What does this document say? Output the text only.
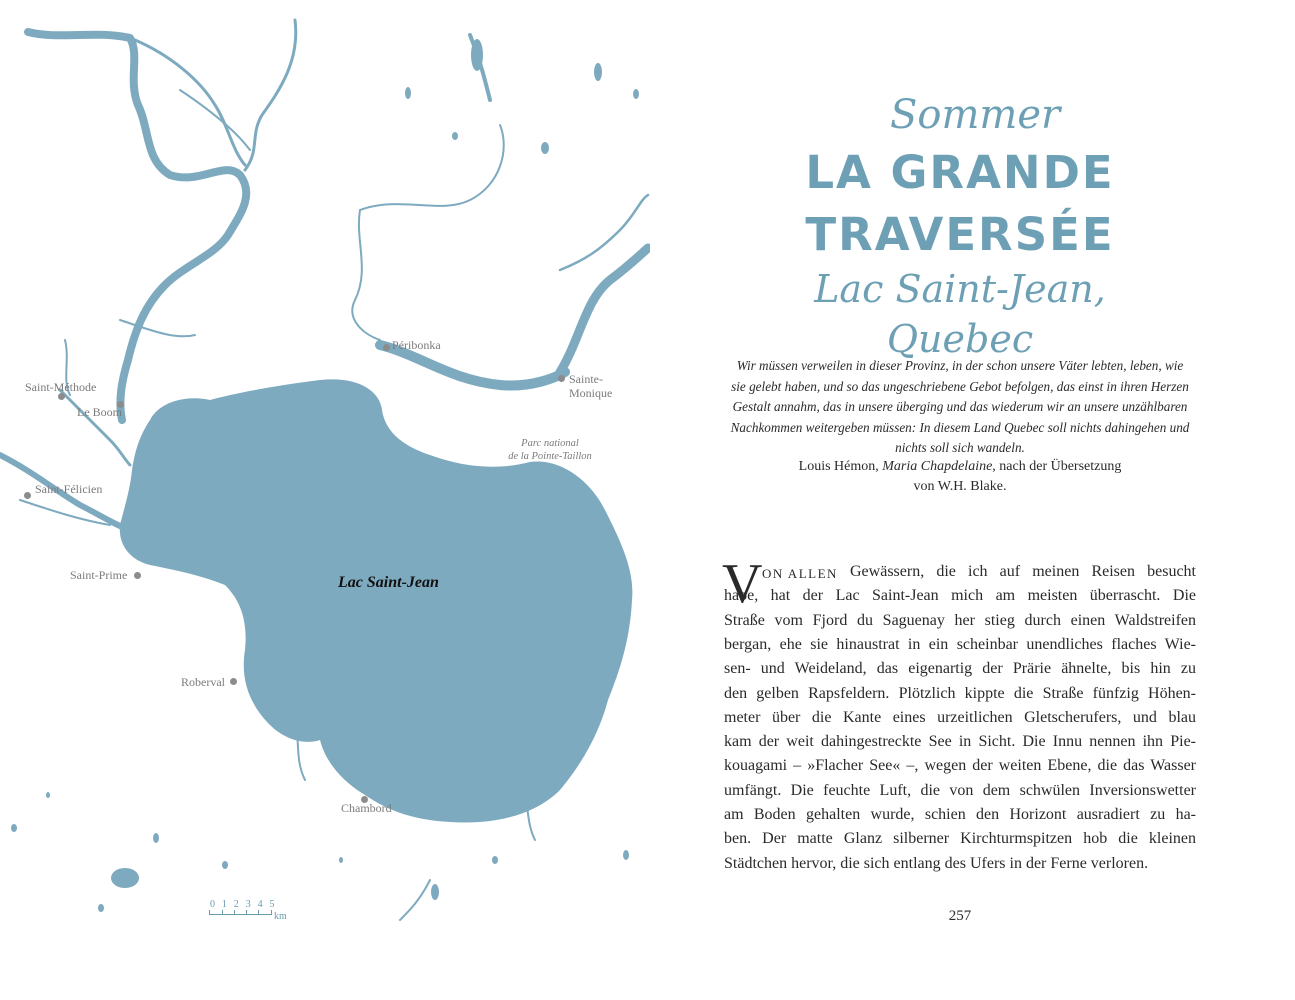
Lac Saint-Jean
Péribonka
Sainte-
Monique
Saint-Méthode
Le Boom
Saint-Félicien
Saint-Prime
Roberval
Chambord
Parc national
de la Pointe-Taillon
0 1 2 3 4 5
km
Sommer
LA GRANDE
TRAVERSÉE
Lac Saint-Jean, Quebec
Wir müssen verweilen in dieser Provinz, in der schon unsere Väter lebten, leben, wie sie gelebt haben, und so das ungeschriebene Gebot befolgen, das einst in ihren Herzen Gestalt annahm, das in unsere überging und das wiederum wir an unsere unzählbaren Nachkommen weitergeben müssen: In diesem Land Quebec soll nichts dahingehen und nichts soll sich wandeln.
Louis Hémon, Maria Chapdelaine, nach der Übersetzung
von W.H. Blake.
V ON ALLEN Gewässern, die ich auf meinen Reisen besucht
habe, hat der Lac Saint-Jean mich am meisten überrascht. Die
Straße vom Fjord du Saguenay her stieg durch einen Waldstreifen
bergan, ehe sie hinaustrat in ein scheinbar unendliches flaches Wie-
sen- und Weideland, das eigenartig der Prärie ähnelte, bis hin zu
den gelben Rapsfeldern. Plötzlich kippte die Straße fünfzig Höhen-
meter über die Kante eines urzeitlichen Gletscherufers, und blau
kam der weit dahingestreckte See in Sicht. Die Innu nennen ihn Pie-
kouagami – »Flacher See« –, wegen der weiten Ebene, die das Wasser
umfängt. Die feuchte Luft, die von dem schwülen Inversionswetter
am Boden gehalten wurde, schien den Horizont ausradiert zu ha-
ben. Der matte Glanz silberner Kirchturmspitzen hob die kleinen
Städtchen hervor, die sich entlang des Ufers in der Ferne verloren.
257
